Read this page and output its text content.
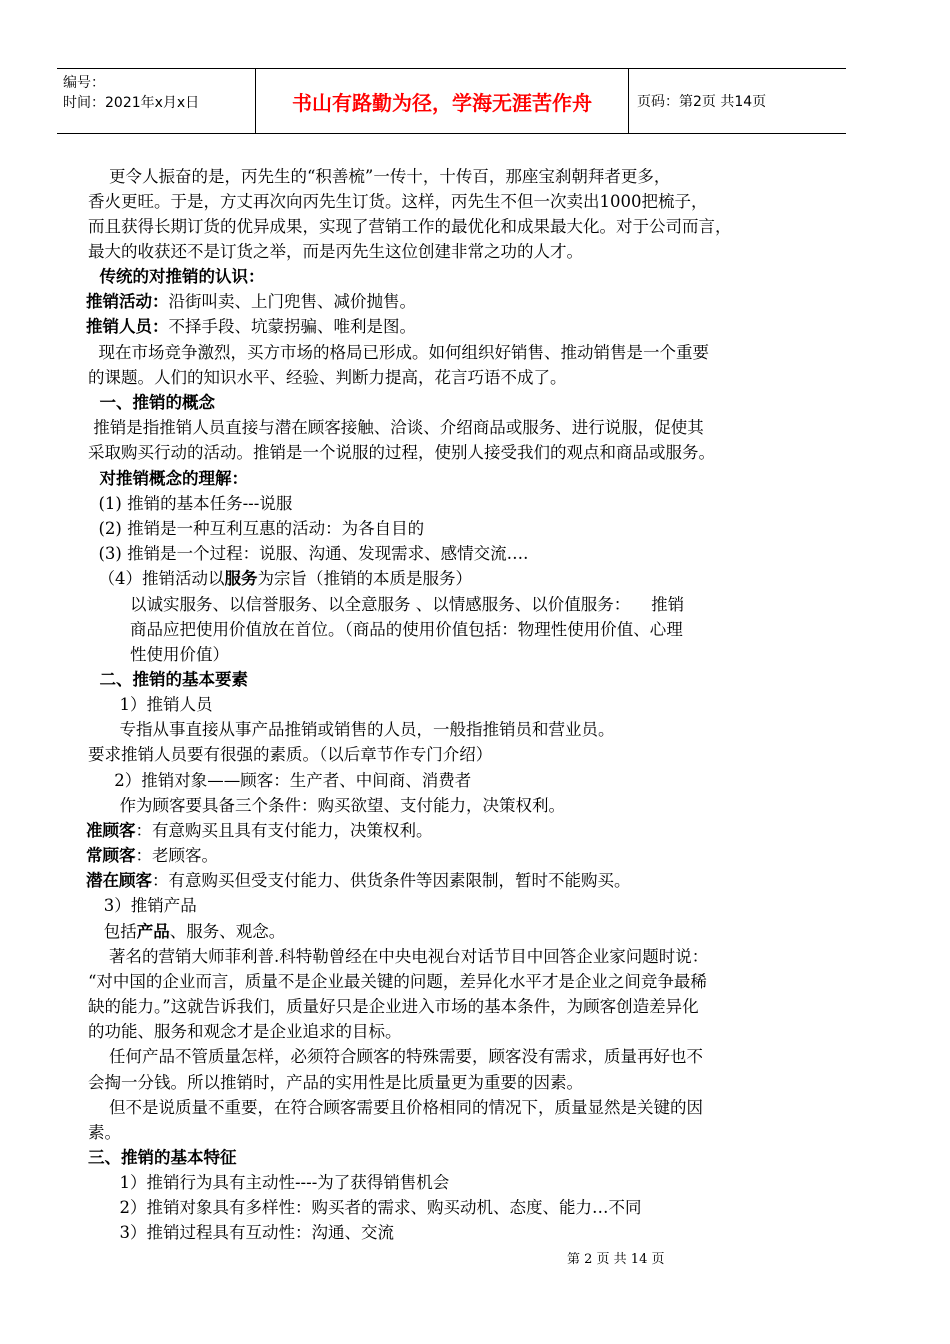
编号：
时间：2021年x月x日	书山有路勤为径，学海无涯苦作舟	页码：第2页 共14页
更令人振奋的是，丙先生的“积善梳”一传十，十传百，那座宝刹朝拜者更多，
香火更旺。于是，方丈再次向丙先生订货。这样，丙先生不但一次卖出1000把梳子，
而且获得长期订货的优异成果，实现了营销工作的最优化和成果最大化。对于公司而言，
最大的收获还不是订货之举，而是丙先生这位创建非常之功的人才。
传统的对推销的认识：
推销活动：沿街叫卖、上门兜售、减价抛售。
推销人员：不择手段、坑蒙拐骗、唯利是图。
现在市场竞争激烈，买方市场的格局已形成。如何组织好销售、推动销售是一个重要
的课题。人们的知识水平、经验、判断力提高，花言巧语不成了。
一、推销的概念
推销是指推销人员直接与潜在顾客接触、洽谈、介绍商品或服务、进行说服，促使其
采取购买行动的活动。推销是一个说服的过程，使别人接受我们的观点和商品或服务。
对推销概念的理解：
(1) 推销的基本任务---说服
(2) 推销是一种互利互惠的活动：为各自目的
(3) 推销是一个过程：说服、沟通、发现需求、感情交流….
（4）推销活动以服务为宗旨（推销的本质是服务）
以诚实服务、以信誉服务、以全意服务 、以情感服务、以价值服务：    推销
商品应把使用价值放在首位。（商品的使用价值包括：物理性使用价值、心理
性使用价值）
二、推销的基本要素
1）推销人员
专指从事直接从事产品推销或销售的人员，一般指推销员和营业员。
要求推销人员要有很强的素质。（以后章节作专门介绍）
2）推销对象——顾客：生产者、中间商、消费者
作为顾客要具备三个条件：购买欲望、支付能力，决策权利。
准顾客：有意购买且具有支付能力，决策权利。
常顾客：老顾客。
潜在顾客：有意购买但受支付能力、供货条件等因素限制，暂时不能购买。
3）推销产品
包括产品、服务、观念。
著名的营销大师菲利普.科特勒曾经在中央电视台对话节目中回答企业家问题时说：
“对中国的企业而言，质量不是企业最关键的问题，差异化水平才是企业之间竞争最稀
缺的能力。”这就告诉我们，质量好只是企业进入市场的基本条件，为顾客创造差异化
的功能、服务和观念才是企业追求的目标。
任何产品不管质量怎样，必须符合顾客的特殊需要，顾客没有需求，质量再好也不
会掏一分钱。所以推销时，产品的实用性是比质量更为重要的因素。
但不是说质量不重要，在符合顾客需要且价格相同的情况下，质量显然是关键的因
素。
三、推销的基本特征
1）推销行为具有主动性----为了获得销售机会
2）推销对象具有多样性：购买者的需求、购买动机、态度、能力…不同
3）推销过程具有互动性：沟通、交流
第 2 页 共 14 页
